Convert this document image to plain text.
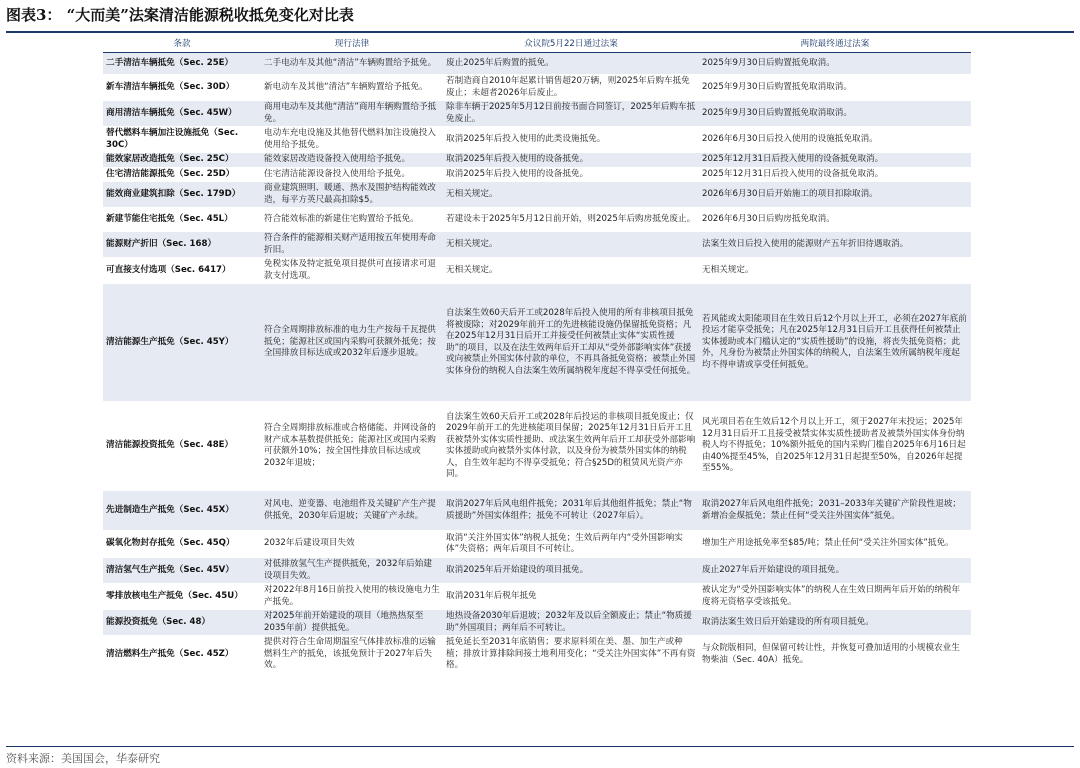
图表3： “大而美”法案清洁能源税收抵免变化对比表
条款	现行法律	众议院5月22日通过法案	两院最终通过法案
二手清洁车辆抵免（Sec. 25E）	二手电动车及其他“清洁”车辆购置给予抵免。	废止2025年后购置的抵免。	2025年9月30日后购置抵免取消。
新车清洁车辆抵免（Sec. 30D）	新电动车及其他“清洁”车辆购置给予抵免。	若制造商自2010年起累计销售超20万辆，则2025年后购车抵免废止；未超者2026年后废止。	2025年9月30日后购置抵免取消取消。
商用清洁车辆抵免（Sec. 45W）	商用电动车及其他“清洁”商用车辆购置给予抵免。	除非车辆于2025年5月12日前按书面合同签订，2025年后购车抵免废止。	2025年9月30日后购置抵免取消取消。
替代燃料车辆加注设施抵免（Sec. 30C）	电动车充电设施及其他替代燃料加注设施投入使用给予抵免。	取消2025年后投入使用的此类设施抵免。	2026年6月30日后投入使用的设施抵免取消。
能效家居改造抵免（Sec. 25C）	能效家居改造设备投入使用给予抵免。	取消2025年后投入使用的设备抵免。	2025年12月31日后投入使用的设备抵免取消。
住宅清洁能源抵免（Sec. 25D）	住宅清洁能源设备投入使用给予抵免。	取消2025年后投入使用的设备抵免。	2025年12月31日后投入使用的设备抵免取消。
能效商业建筑扣除（Sec. 179D）	商业建筑照明、暖通、热水及围护结构能效改造，每平方英尺最高扣除$5。	无相关规定。	2026年6月30日后开始施工的项目扣除取消。
新建节能住宅抵免（Sec. 45L）	符合能效标准的新建住宅购置给予抵免。	若建设未于2025年5月12日前开始，则2025年后购房抵免废止。	2026年6月30日后购房抵免取消。
能源财产折旧（Sec. 168）	符合条件的能源相关财产适用按五年使用寿命折旧。	无相关规定。	法案生效日后投入使用的能源财产五年折旧待遇取消。
可直接支付选项（Sec. 6417）	免税实体及特定抵免项目提供可直接请求可退款支付选项。	无相关规定。	无相关规定。
清洁能源生产抵免（Sec. 45Y）	符合全周期排放标准的电力生产按每千瓦提供抵免；能源社区或国内采购可获额外抵免；按全国排放目标达成或2032年后逐步退坡。	自法案生效60天后开工或2028年后投入使用的所有非核项目抵免将被废除；对2029年前开工的先进核能设施仍保留抵免资格；凡在2025年12月31日后开工并接受任何被禁止实体“实质性援助”的项目，以及在法生效两年后开工却从“受外部影响实体”获援或向被禁止外国实体付款的单位，不再具备抵免资格；被禁止外国实体身份的纳税人自法案生效所属纳税年度起不得享受任何抵免。	若风能或太阳能项目在生效日后12个月以上开工，必须在2027年底前投运才能享受抵免；凡在2025年12月31日后开工且获得任何被禁止实体援助或本门槛认定的“实质性援助”的设施，将丧失抵免资格；此外，凡身份为被禁止外国实体的纳税人，自法案生效所属纳税年度起均不得申请或享受任何抵免。
清洁能源投资抵免（Sec. 48E）	符合全周期排放标准或合格储能、并网设备的财产成本基数提供抵免；能源社区或国内采购可获额外10%；按全国性排放目标达成或2032年退坡；	自法案生效60天后开工或2028年后投运的非核项目抵免废止；仅2029年前开工的先进核能项目保留；2025年12月31日后开工且获被禁外实体实质性援助、或法案生效两年后开工却获受外部影响实体援助或向被禁外实体付款，以及身份为被禁外国实体的纳税人，自生效年起均不得享受抵免；符合§25D的租赁风光资产亦同。	风光项目若在生效后12个月以上开工，须于2027年末投运；2025年12月31日后开工且接受被禁实体实质性援助者及被禁外国实体身份纳税人均不得抵免；10%额外抵免的国内采购门槛自2025年6月16日起由40%提至45%，自2025年12月31日起提至50%，自2026年起提至55%。
先进制造生产抵免（Sec. 45X）	对风电、逆变器、电池组件及关键矿产生产提供抵免，2030年后退坡；关键矿产永续。	取消2027年后风电组件抵免；2031年后其他组件抵免；禁止“物质援助”外国实体组件；抵免不可转让（2027年后）。	取消2027年后风电组件抵免；2031–2033年关键矿产阶段性退坡；新增冶金煤抵免；禁止任何“受关注外国实体”抵免。
碳氧化物封存抵免（Sec. 45Q）	2032年后建设项目失效	取消“关注外国实体”纳税人抵免；生效后两年内“受外国影响实体”失资格；两年后项目不可转让。	增加生产用途抵免率至$85/吨；禁止任何“受关注外国实体”抵免。
清洁氢气生产抵免（Sec. 45V）	对低排放氢气生产提供抵免，2032年后始建设项目失效。	取消2025年后开始建设的项目抵免。	废止2027年后开始建设的项目抵免。
零排放核电生产抵免（Sec. 45U）	对2022年8月16日前投入使用的核设施电力生产抵免。	取消2031年后税年抵免	被认定为“受外国影响实体”的纳税人在生效日期两年后开始的纳税年度将无资格享受该抵免。
能源投资抵免（Sec. 48）	对2025年前开始建设的项目（地热热泵至2035年前）提供抵免。	地热设备2030年后退坡；2032年及以后全额废止；禁止“物质援助”外国项目；两年后不可转让。	取消法案生效日后开始建设的所有项目抵免。
清洁燃料生产抵免（Sec. 45Z）	提供对符合生命周期温室气体排放标准的运输燃料生产的抵免，该抵免预计于2027年后失效。	抵免延长至2031年底销售；要求原料须在美、墨、加生产或种植；排放计算排除间接土地利用变化；“受关注外国实体”不再有资格。	与众院版相同，但保留可转让性，并恢复可叠加适用的小规模农业生物柴油（Sec. 40A）抵免。
资料来源：美国国会，华泰研究
